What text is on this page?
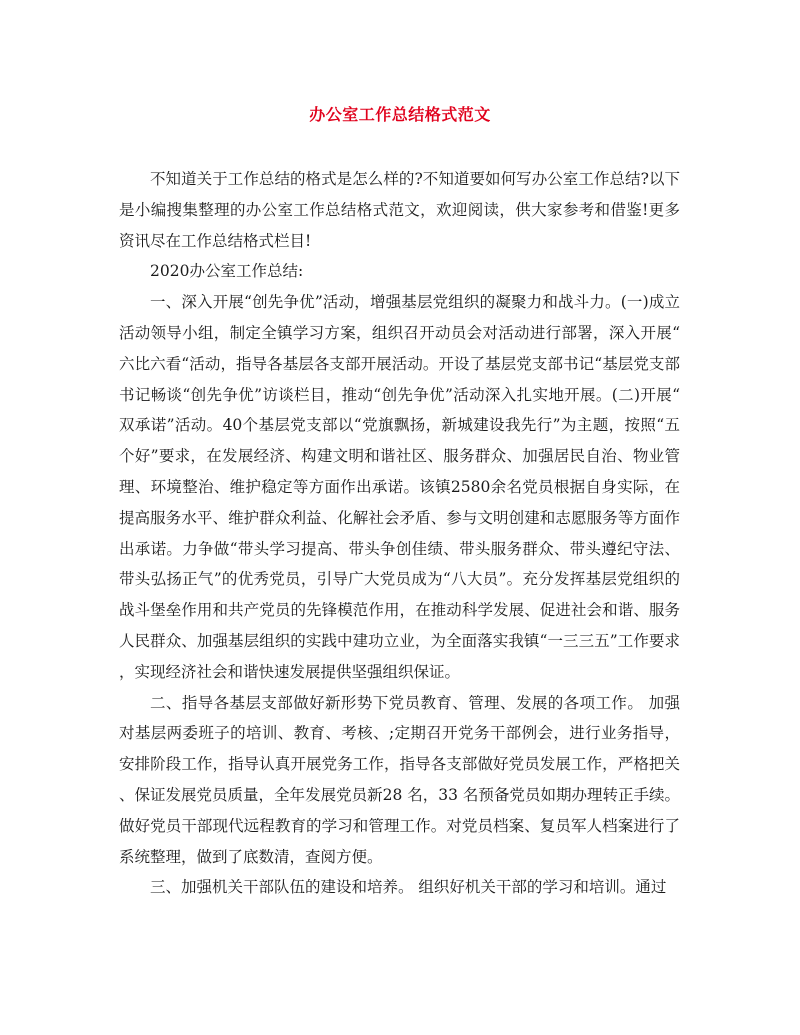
办公室工作总结格式范文

不知道关于工作总结的格式是怎么样的?不知道要如何写办公室工作总结?以下是小编搜集整理的办公室工作总结格式范文，欢迎阅读，供大家参考和借鉴!更多资讯尽在工作总结格式栏目!

2020办公室工作总结:

一、深入开展“创先争优”活动，增强基层党组织的凝聚力和战斗力。(一)成立活动领导小组，制定全镇学习方案，组织召开动员会对活动进行部署，深入开展“六比六看“活动，指导各基层各支部开展活动。开设了基层党支部书记“基层党支部书记畅谈“创先争优”访谈栏目，推动“创先争优”活动深入扎实地开展。(二)开展“双承诺”活动。40个基层党支部以“党旗飘扬，新城建设我先行”为主题，按照“五个好”要求，在发展经济、构建文明和谐社区、服务群众、加强居民自治、物业管理、环境整治、维护稳定等方面作出承诺。该镇2580余名党员根据自身实际，在提高服务水平、维护群众利益、化解社会矛盾、参与文明创建和志愿服务等方面作出承诺。力争做“带头学习提高、带头争创佳绩、带头服务群众、带头遵纪守法、带头弘扬正气”的优秀党员，引导广大党员成为“八大员”。充分发挥基层党组织的战斗堡垒作用和共产党员的先锋模范作用，在推动科学发展、促进社会和谐、服务人民群众、加强基层组织的实践中建功立业，为全面落实我镇“一三三五”工作要求，实现经济社会和谐快速发展提供坚强组织保证。

二、指导各基层支部做好新形势下党员教育、管理、发展的各项工作。 加强对基层两委班子的培训、教育、考核、;定期召开党务干部例会，进行业务指导，安排阶段工作，指导认真开展党务工作，指导各支部做好党员发展工作，严格把关、保证发展党员质量，全年发展党员新28 名，33 名预备党员如期办理转正手续。做好党员干部现代远程教育的学习和管理工作。对党员档案、复员军人档案进行了系统整理，做到了底数清，查阅方便。

三、加强机关干部队伍的建设和培养。 组织好机关干部的学习和培训。通过
